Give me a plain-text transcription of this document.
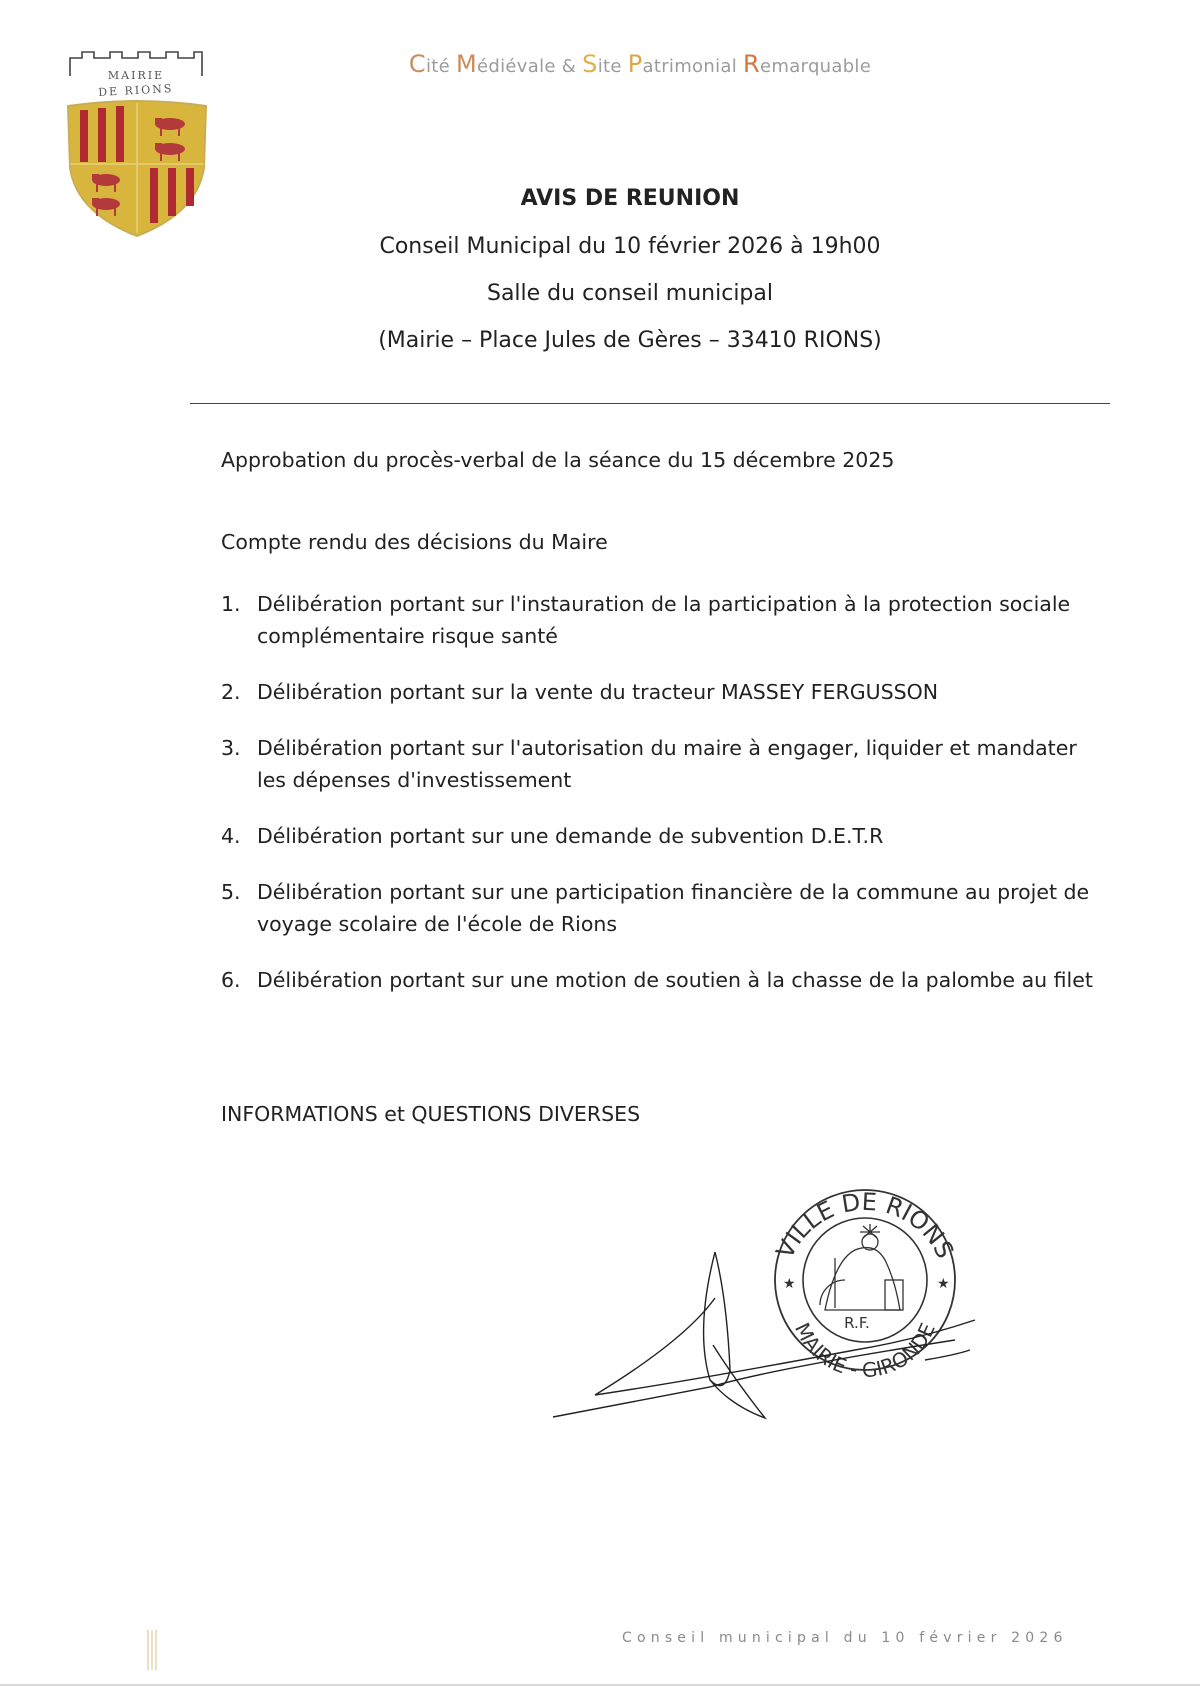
MAIRIE
DE RIONS
Cité Médiévale & Site Patrimonial Remarquable
AVIS DE REUNION
Conseil Municipal du 10 février 2026 à 19h00
Salle du conseil municipal
(Mairie – Place Jules de Gères – 33410 RIONS)
Approbation du procès-verbal de la séance du 15 décembre 2025
Compte rendu des décisions du Maire
1. Délibération portant sur l'instauration de la participation à la protection sociale complémentaire risque santé
2. Délibération portant sur la vente du tracteur MASSEY FERGUSSON
3. Délibération portant sur l'autorisation du maire à engager, liquider et mandater les dépenses d'investissement
4. Délibération portant sur une demande de subvention D.E.T.R
5. Délibération portant sur une participation financière de la commune au projet de voyage scolaire de l'école de Rions
6. Délibération portant sur une motion de soutien à la chasse de la palombe au filet
INFORMATIONS et QUESTIONS DIVERSES
VILLE DE RIONS
MAIRIE - GIRONDE
R.F.
★	★
Conseil municipal du 10 février 2026
